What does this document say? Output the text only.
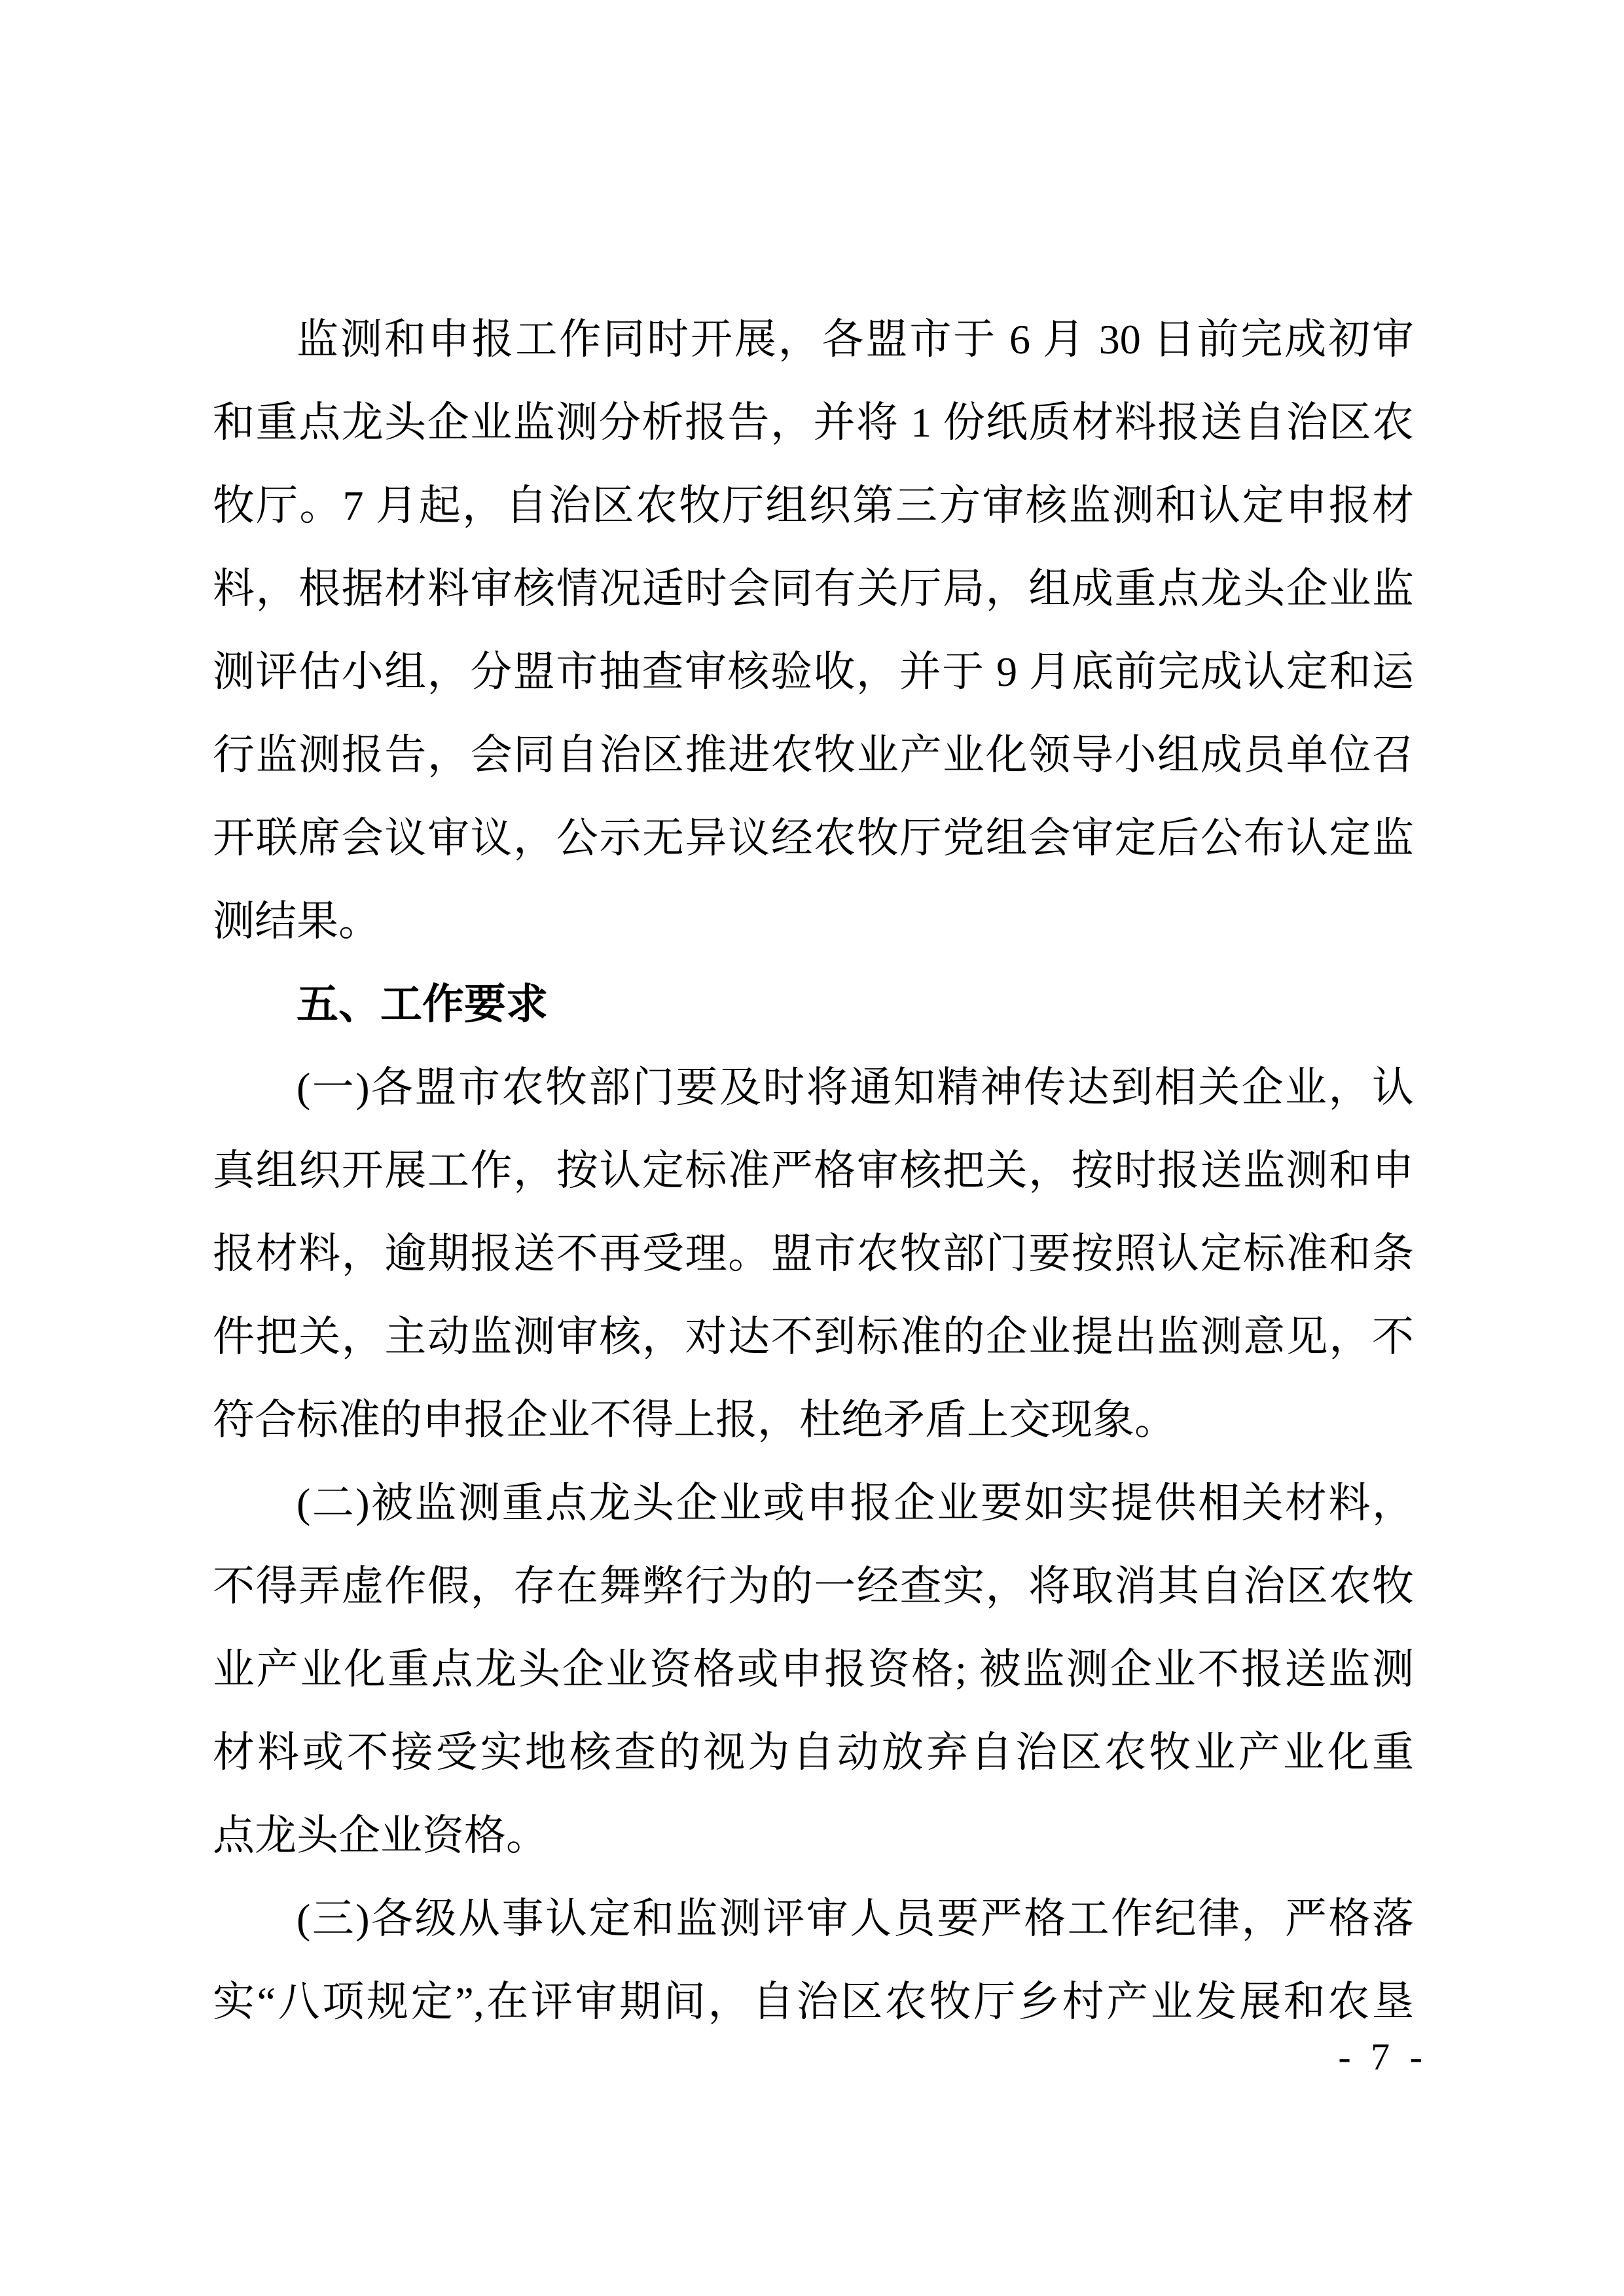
监测和申报工作同时开展，各盟市于 6 月 30 日前完成初审
和重点龙头企业监测分析报告，并将 1 份纸质材料报送自治区农
牧厅。7 月起，自治区农牧厅组织第三方审核监测和认定申报材
料，根据材料审核情况适时会同有关厅局，组成重点龙头企业监
测评估小组，分盟市抽查审核验收，并于 9 月底前完成认定和运
行监测报告，会同自治区推进农牧业产业化领导小组成员单位召
开联席会议审议，公示无异议经农牧厅党组会审定后公布认定监
测结果。
五、工作要求
(一)各盟市农牧部门要及时将通知精神传达到相关企业，认
真组织开展工作，按认定标准严格审核把关，按时报送监测和申
报材料，逾期报送不再受理。盟市农牧部门要按照认定标准和条
件把关，主动监测审核，对达不到标准的企业提出监测意见，不
符合标准的申报企业不得上报，杜绝矛盾上交现象。
(二)被监测重点龙头企业或申报企业要如实提供相关材料，
不得弄虚作假，存在舞弊行为的一经查实，将取消其自治区农牧
业产业化重点龙头企业资格或申报资格; 被监测企业不报送监测
材料或不接受实地核查的视为自动放弃自治区农牧业产业化重
点龙头企业资格。
(三)各级从事认定和监测评审人员要严格工作纪律，严格落
实“八项规定”,在评审期间，自治区农牧厅乡村产业发展和农垦
- 7 -
